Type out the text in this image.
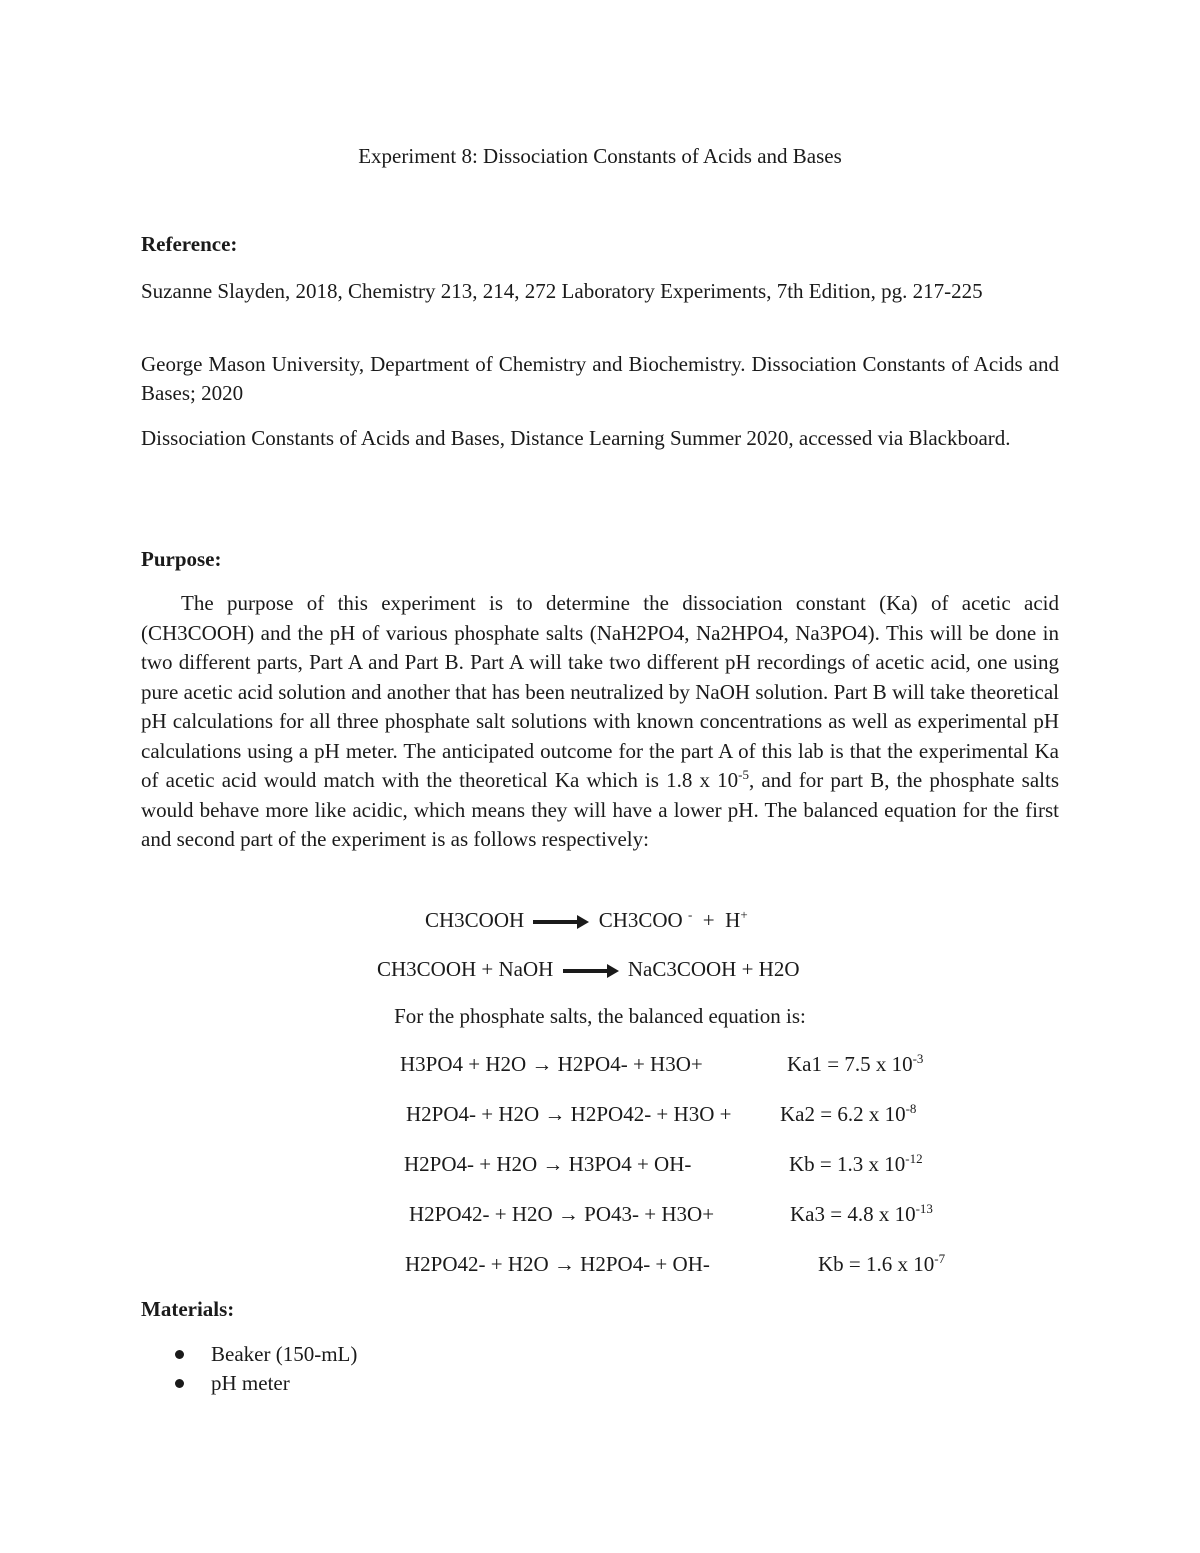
Experiment 8: Dissociation Constants of Acids and Bases
Reference:
Suzanne Slayden, 2018, Chemistry 213, 214, 272 Laboratory Experiments, 7th Edition, pg. 217-225
George Mason University, Department of Chemistry and Biochemistry. Dissociation Constants of Acids and Bases; 2020
Dissociation Constants of Acids and Bases, Distance Learning Summer 2020, accessed via Blackboard.
Purpose:

The purpose of this experiment is to determine the dissociation constant (Ka) of acetic acid (CH3COOH) and the pH of various phosphate salts (NaH2PO4, Na2HPO4, Na3PO4). This will be done in two different parts, Part A and Part B. Part A will take two different pH recordings of acetic acid, one using pure acetic acid solution and another that has been neutralized by NaOH solution. Part B will take theoretical pH calculations for all three phosphate salt solutions with known concentrations as well as experimental pH calculations using a pH meter. The anticipated outcome for the part A of this lab is that the experimental Ka of acetic acid would match with the theoretical Ka which is 1.8 x $10^{-5}$, and for part B, the phosphate salts would behave more like acidic, which means they will have a lower pH. The balanced equation for the first and second part of the experiment is as follows respectively:

CH3COOH	CH3COO - + H+
CH3COOH + NaOH	NaC3COOH + H2O
For the phosphate salts, the balanced equation is:
H3PO4 + H2O → H2PO4- + H3O+	Ka1 = 7.5 x $10^{-3}$
H2PO4- + H2O → H2PO42- + H3O + Ka2 = 6.2 x $10^{-8}$
H2PO4- + H2O → H3PO4 + OH-	Kb = 1.3 x $10^{-12}$
H2PO42- + H2O → PO43- + H3O+	Ka3 = 4.8 x $10^{-13}$
H2PO42- + H2O → H2PO4- + OH-	Kb = 1.6 x $10^{-7}$
Materials:
Beaker (150-mL)
pH meter
